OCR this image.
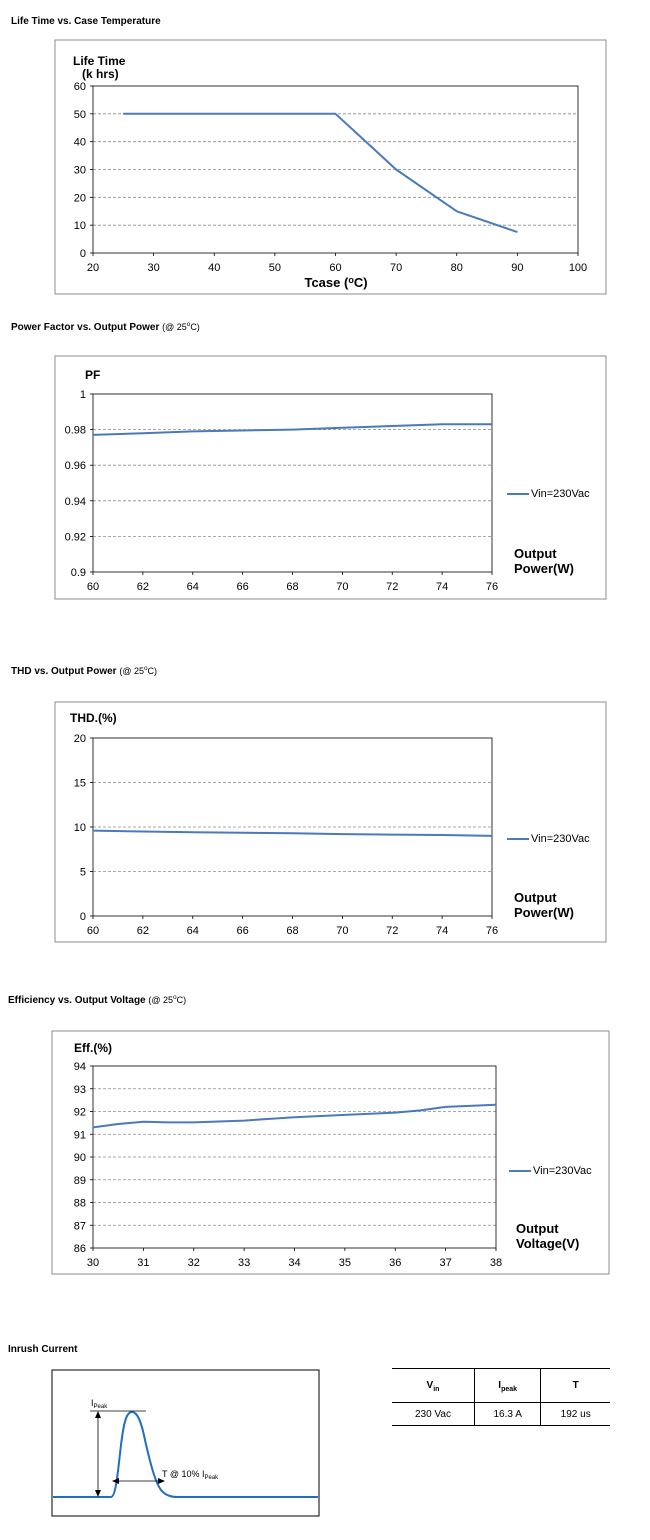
Life Time vs. Case Temperature
Power Factor vs. Output Power (@ 25$^o$C)
THD vs. Output Power (@ 25$^o$C)
Efficiency vs. Output Voltage (@ 25$^o$C)
Inrush Current
Life Time
(k hrs)
Tcase ($^o$C)
PF
THD.(%)
Eff.(%)
0
10
20
30
40
50
60
20	30	40	50	60	70	80	90	100
0.9
0.92
0.94
0.96
0.98
1
60	62	64	66	68	70	72	74	76
0
5
10
15
20
60	62	64	66	68	70	72	74	76
86
87
88
89
90
91
92
93
94
30	31	32	33	34	35	36	37	38
$I_{Peak}$
T @ 10% $I_{Peak}$
Output
Power(W)
Output
Power(W)
Output
Voltage(V)
Vin=230Vac
Vin=230Vac
Vin=230Vac
$V_{in}$	$I_{peak}$	T
230 Vac	16.3 A	192 us
